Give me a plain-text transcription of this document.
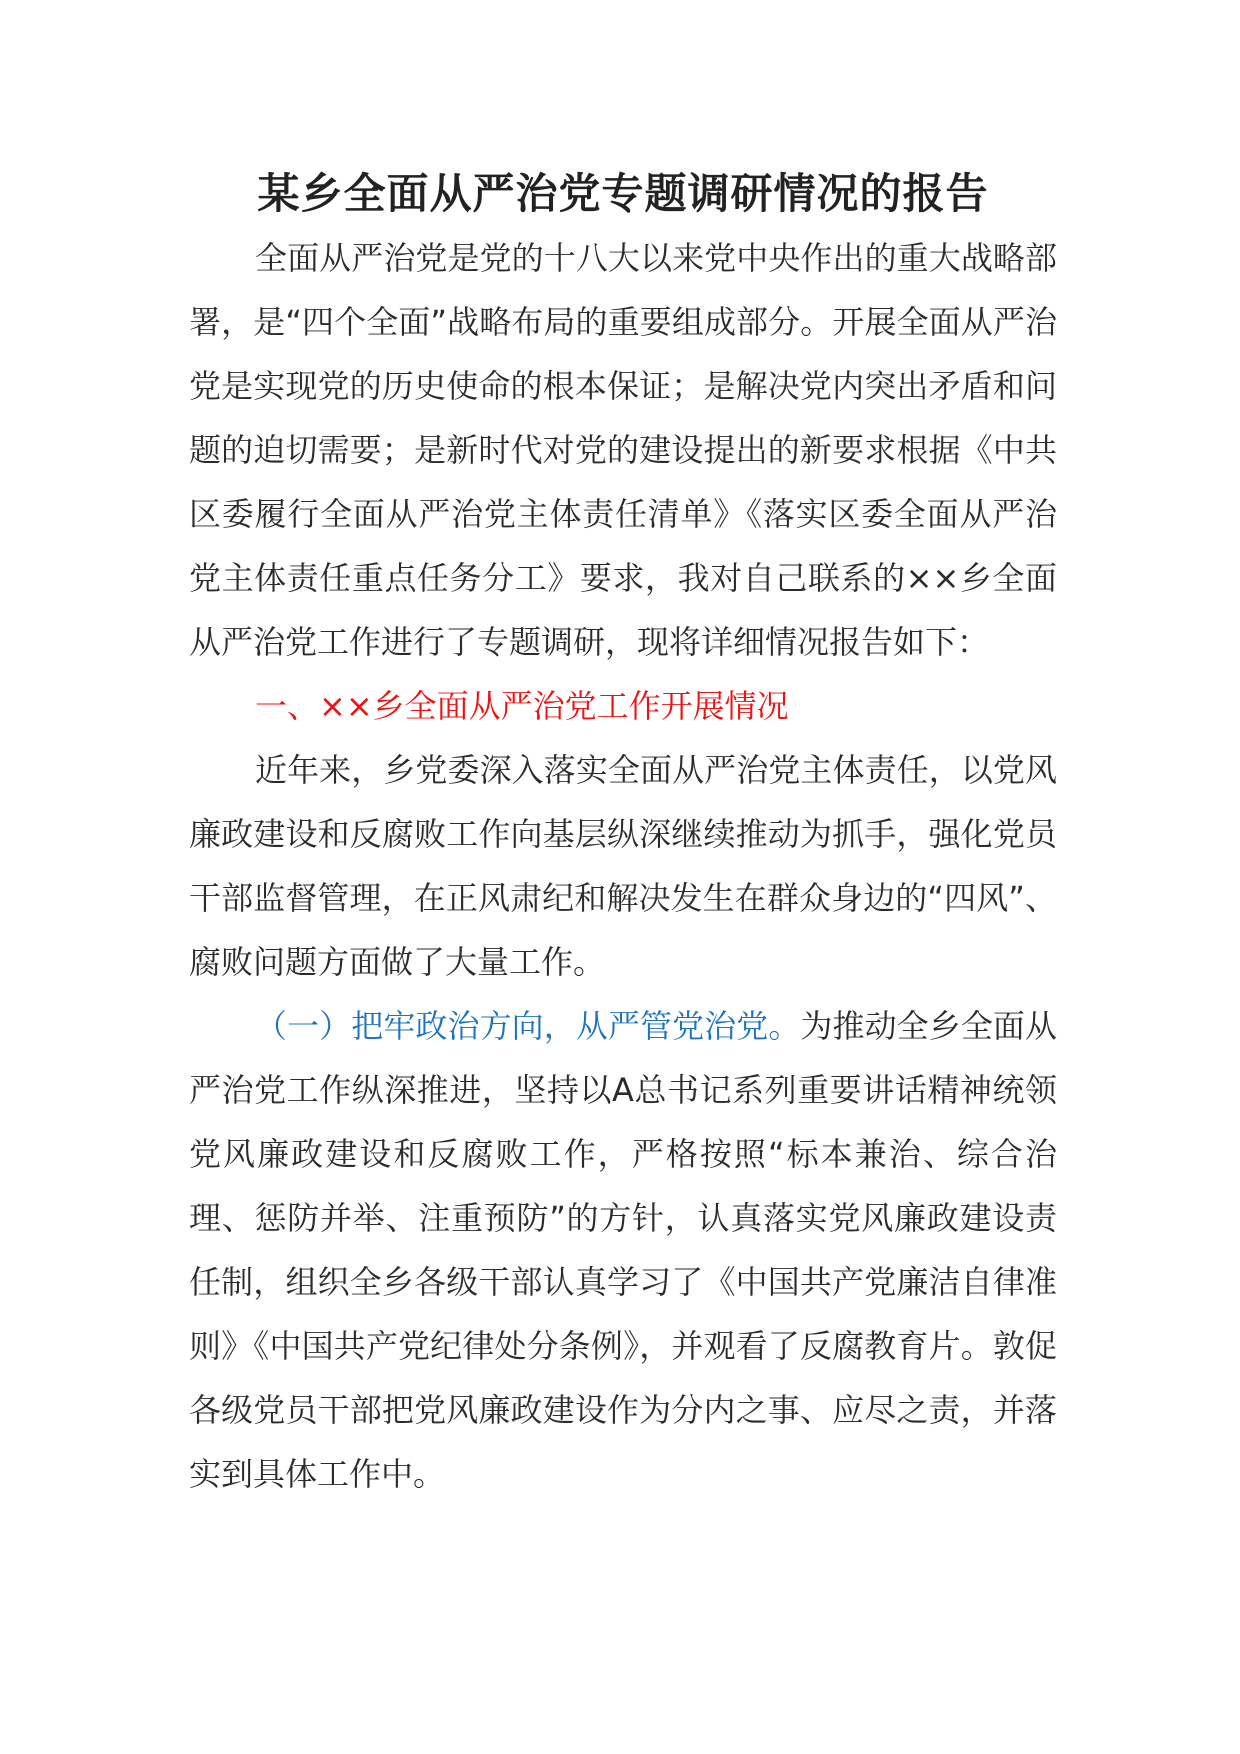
某乡全面从严治党专题调研情况的报告

全面从严治党是党的十八大以来党中央作出的重大战略部署，是“四个全面”战略布局的重要组成部分。开展全面从严治党是实现党的历史使命的根本保证；是解决党内突出矛盾和问题的迫切需要；是新时代对党的建设提出的新要求根据《中共区委履行全面从严治党主体责任清单》《落实区委全面从严治党主体责任重点任务分工》要求，我对自己联系的××乡全面从严治党工作进行了专题调研，现将详细情况报告如下：

一、××乡全面从严治党工作开展情况

近年来，乡党委深入落实全面从严治党主体责任，以党风廉政建设和反腐败工作向基层纵深继续推动为抓手，强化党员干部监督管理，在正风肃纪和解决发生在群众身边的“四风”、腐败问题方面做了大量工作。

（一）把牢政治方向，从严管党治党。为推动全乡全面从严治党工作纵深推进，坚持以A总书记系列重要讲话精神统领党风廉政建设和反腐败工作，严格按照“标本兼治、综合治理、惩防并举、注重预防”的方针，认真落实党风廉政建设责任制，组织全乡各级干部认真学习了《中国共产党廉洁自律准则》《中国共产党纪律处分条例》，并观看了反腐教育片。敦促各级党员干部把党风廉政建设作为分内之事、应尽之责，并落实到具体工作中。
